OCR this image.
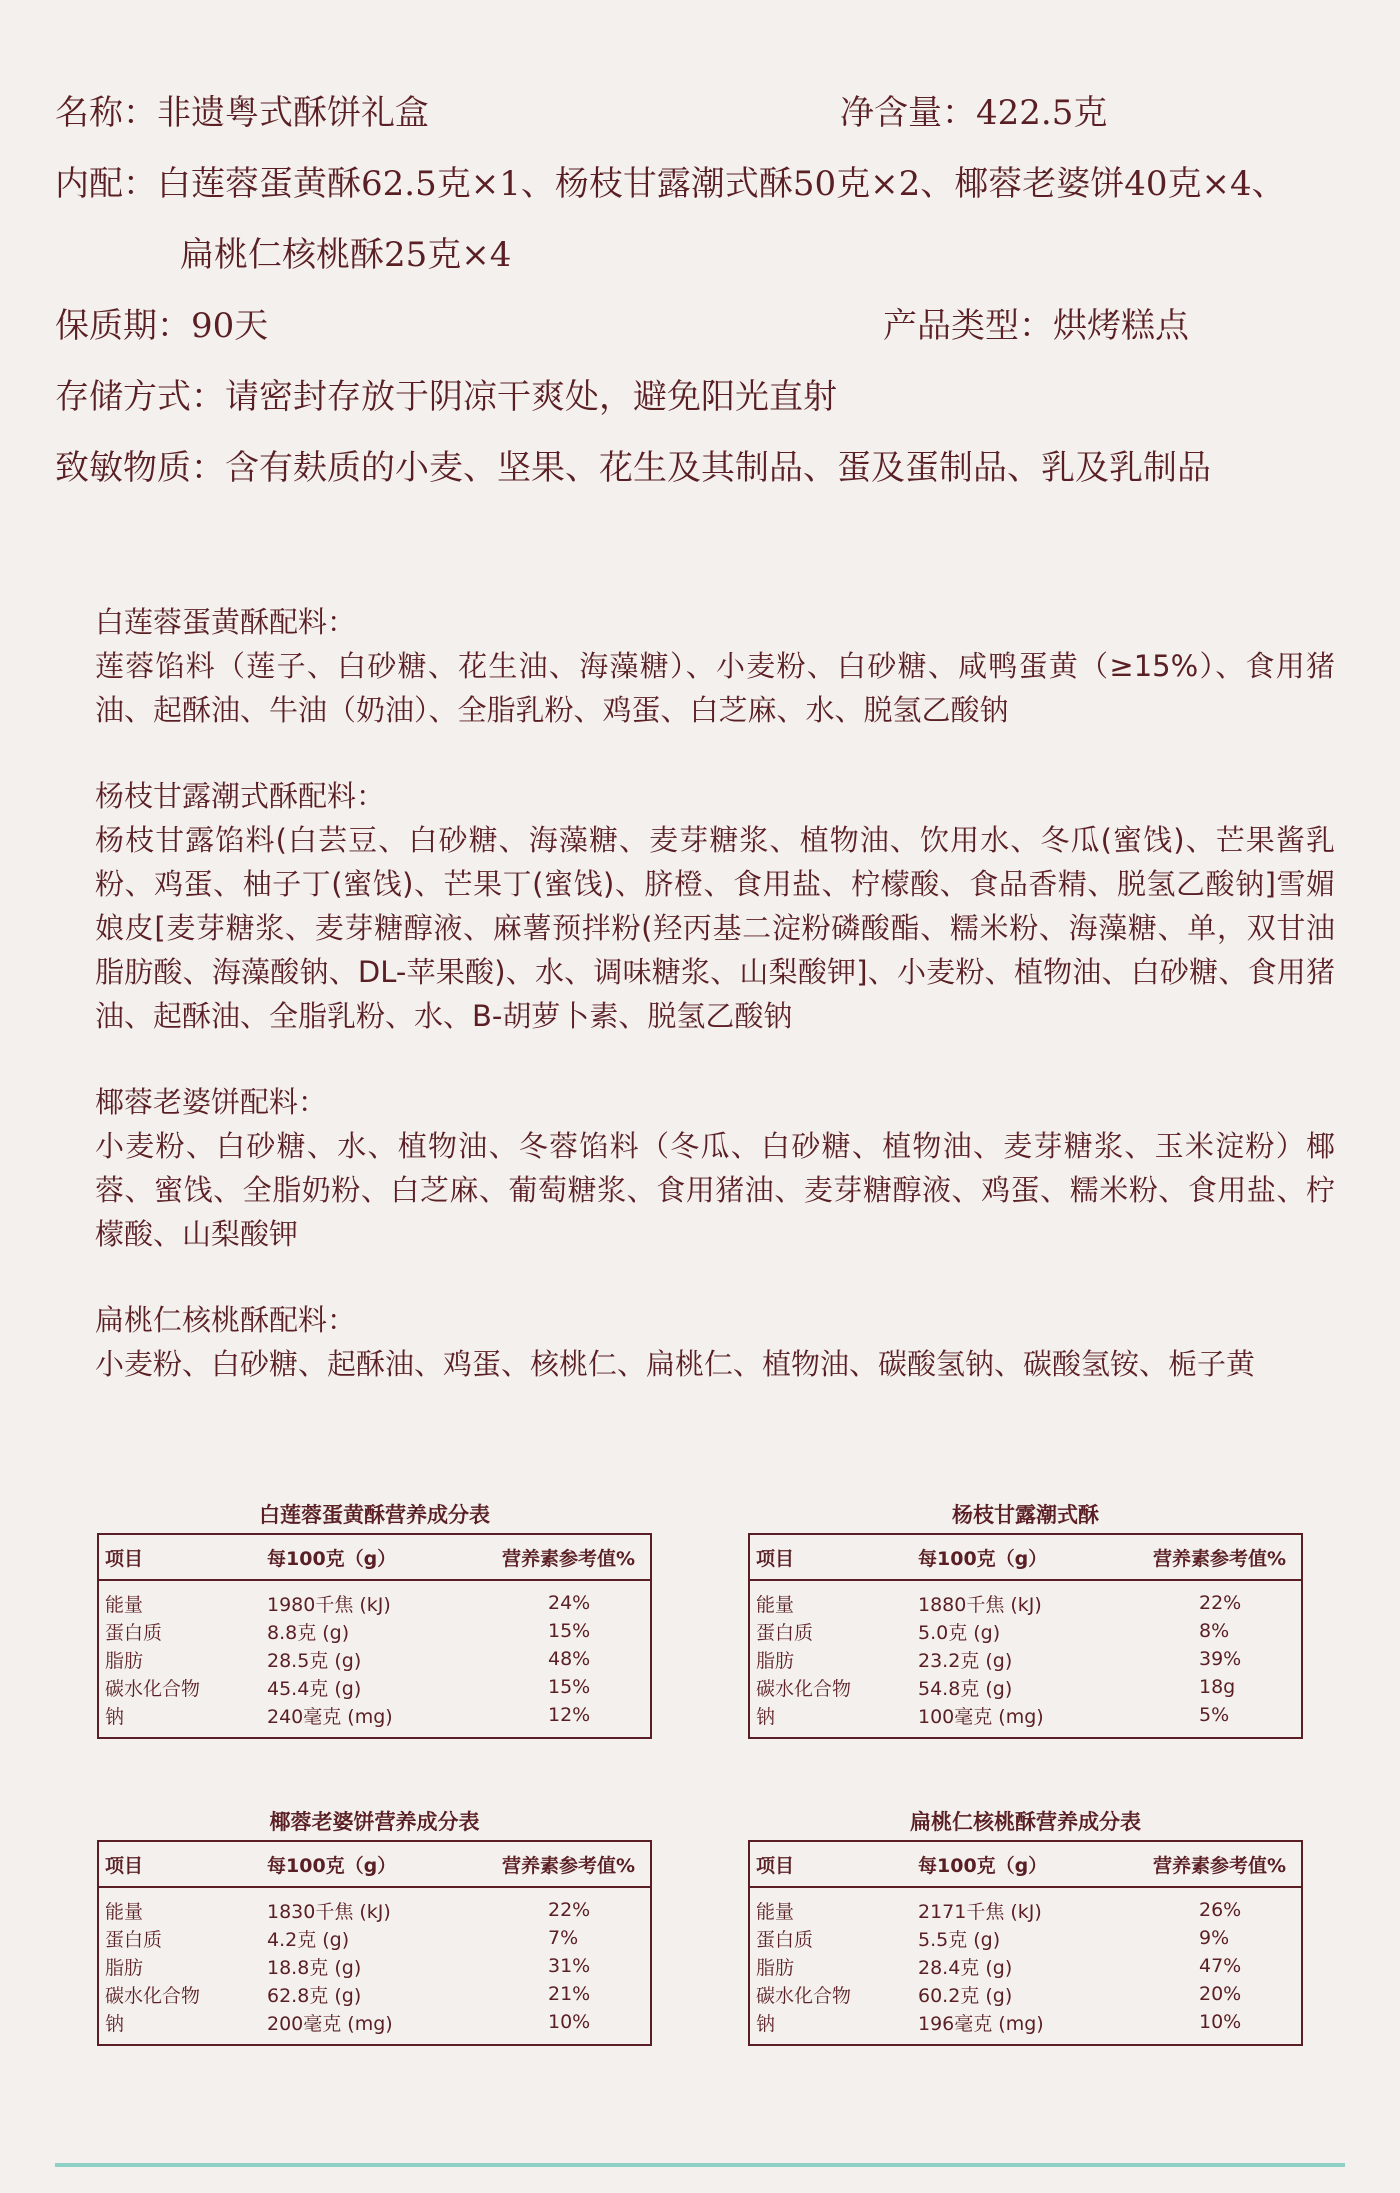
名称：非遗粤式酥饼礼盒	净含量：422.5克
内配：白莲蓉蛋黄酥62.5克×1、杨枝甘露潮式酥50克×2、椰蓉老婆饼40克×4、
扁桃仁核桃酥25克×4
保质期：90天	产品类型：烘烤糕点
存储方式：请密封存放于阴凉干爽处，避免阳光直射
致敏物质：含有麸质的小麦、坚果、花生及其制品、蛋及蛋制品、乳及乳制品

白莲蓉蛋黄酥配料：

莲蓉馅料（莲子、白砂糖、花生油、海藻糖）、小麦粉、白砂糖、咸鸭蛋黄（≥15%）、食用猪油、起酥油、牛油（奶油）、全脂乳粉、鸡蛋、白芝麻、水、脱氢乙酸钠

杨枝甘露潮式酥配料：

杨枝甘露馅料(白芸豆、白砂糖、海藻糖、麦芽糖浆、植物油、饮用水、冬瓜(蜜饯)、芒果酱乳粉、鸡蛋、柚子丁(蜜饯)、芒果丁(蜜饯)、脐橙、食用盐、柠檬酸、食品香精、脱氢乙酸钠]雪媚娘皮[麦芽糖浆、麦芽糖醇液、麻薯预拌粉(羟丙基二淀粉磷酸酯、糯米粉、海藻糖、单，双甘油脂肪酸、海藻酸钠、DL-苹果酸)、水、调味糖浆、山梨酸钾]、小麦粉、植物油、白砂糖、食用猪油、起酥油、全脂乳粉、水、B-胡萝卜素、脱氢乙酸钠

椰蓉老婆饼配料：

小麦粉、白砂糖、水、植物油、冬蓉馅料（冬瓜、白砂糖、植物油、麦芽糖浆、玉米淀粉）椰蓉、蜜饯、全脂奶粉、白芝麻、葡萄糖浆、食用猪油、麦芽糖醇液、鸡蛋、糯米粉、食用盐、柠檬酸、山梨酸钾

扁桃仁核桃酥配料：

小麦粉、白砂糖、起酥油、鸡蛋、核桃仁、扁桃仁、植物油、碳酸氢钠、碳酸氢铵、栀子黄

白莲蓉蛋黄酥营养成分表
项目	每100克（g）	营养素参考值%
能量	1980千焦 (kJ)	24%
蛋白质	8.8克 (g)	15%
脂肪	28.5克 (g)	48%
碳水化合物	45.4克 (g)	15%
钠	240毫克 (mg)	12%
杨枝甘露潮式酥
项目	每100克（g）	营养素参考值%
能量	1880千焦 (kJ)	22%
蛋白质	5.0克 (g)	8%
脂肪	23.2克 (g)	39%
碳水化合物	54.8克 (g)	18g
钠	100毫克 (mg)	5%
椰蓉老婆饼营养成分表
项目	每100克（g）	营养素参考值%
能量	1830千焦 (kJ)	22%
蛋白质	4.2克 (g)	7%
脂肪	18.8克 (g)	31%
碳水化合物	62.8克 (g)	21%
钠	200毫克 (mg)	10%
扁桃仁核桃酥营养成分表
项目	每100克（g）	营养素参考值%
能量	2171千焦 (kJ)	26%
蛋白质	5.5克 (g)	9%
脂肪	28.4克 (g)	47%
碳水化合物	60.2克 (g)	20%
钠	196毫克 (mg)	10%
